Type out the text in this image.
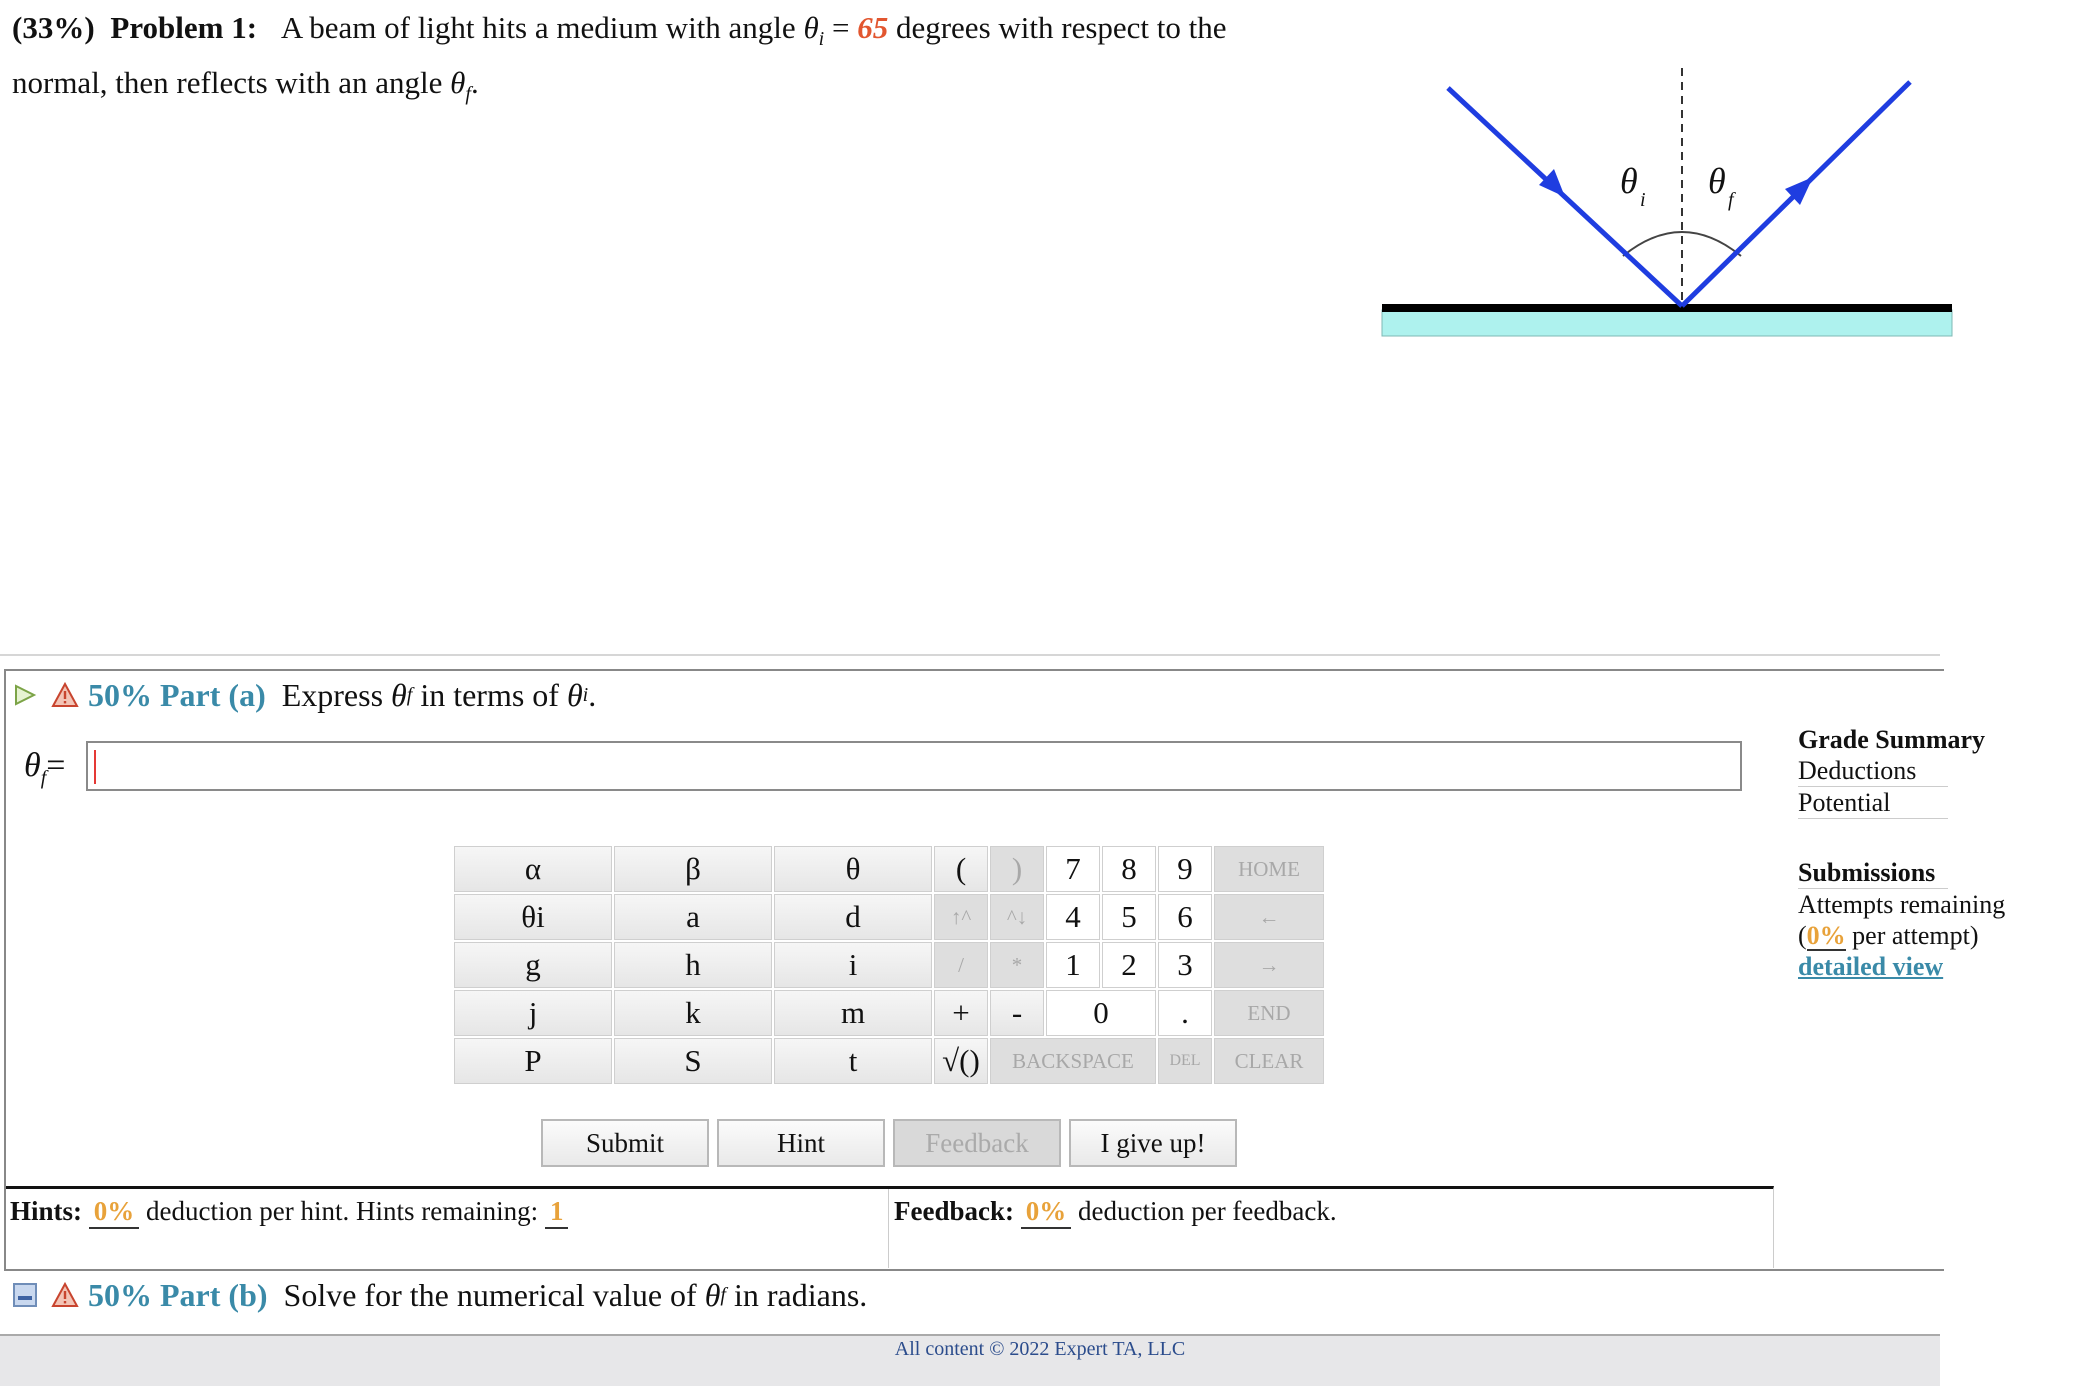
(33%) Problem 1: A beam of light hits a medium with angle $\theta_i = 65$ degrees with respect to the
normal, then reflects with an angle $\theta_f$.
θ i θ f
50% Part (a) Express
θ f
in terms of
θ i .
$\theta_f=$
α	β	θ	(	)	7	8	9	HOME
θi	a	d	↑^	^↓	4	5	6	←
g	h	i	/	*	1	2	3	→
j	k	m	+	-	0		.	END
P	S	t	√()	BACKSPACE			DEL	CLEAR
Submit	Hint	Feedback	I give up!
Hints: 0% deduction per hint. Hints remaining: 1	Feedback: 0% deduction per feedback.
50% Part (b) Solve for the numerical value of
θ f
in radians.
Grade Summary
Deductions
Potential
Submissions
Attempts remaining
(0% per attempt)
detailed view
All content © 2022 Expert TA, LLC
